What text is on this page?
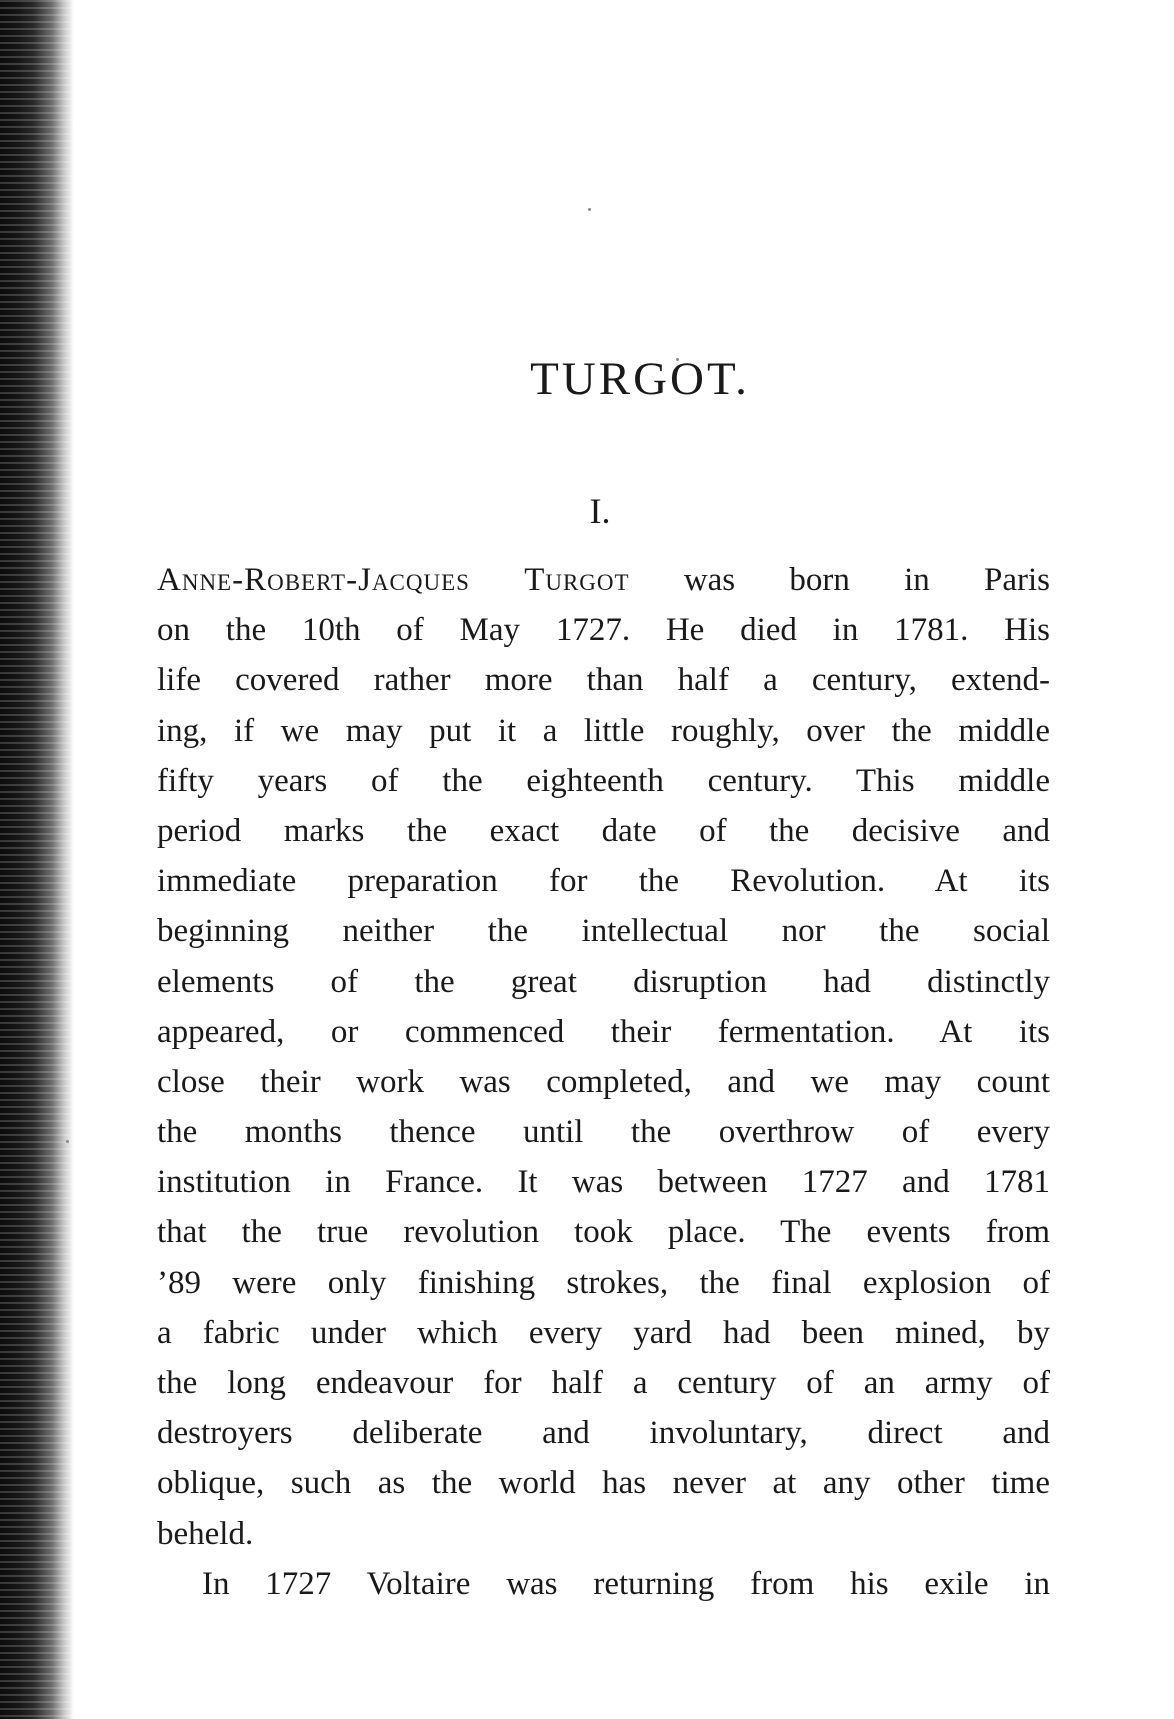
TURGOT.
I.
Anne-Robert-Jacques Turgot was born in Paris
on the 10th of May 1727. He died in 1781. His
life covered rather more than half a century, extend-
ing, if we may put it a little roughly, over the middle
fifty years of the eighteenth century. This middle
period marks the exact date of the decisive and
immediate preparation for the Revolution. At its
beginning neither the intellectual nor the social
elements of the great disruption had distinctly
appeared, or commenced their fermentation. At its
close their work was completed, and we may count
the months thence until the overthrow of every
institution in France. It was between 1727 and 1781
that the true revolution took place. The events from
’89 were only finishing strokes, the final explosion of
a fabric under which every yard had been mined, by
the long endeavour for half a century of an army of
destroyers deliberate and involuntary, direct and
oblique, such as the world has never at any other time
beheld.
In 1727 Voltaire was returning from his exile in
